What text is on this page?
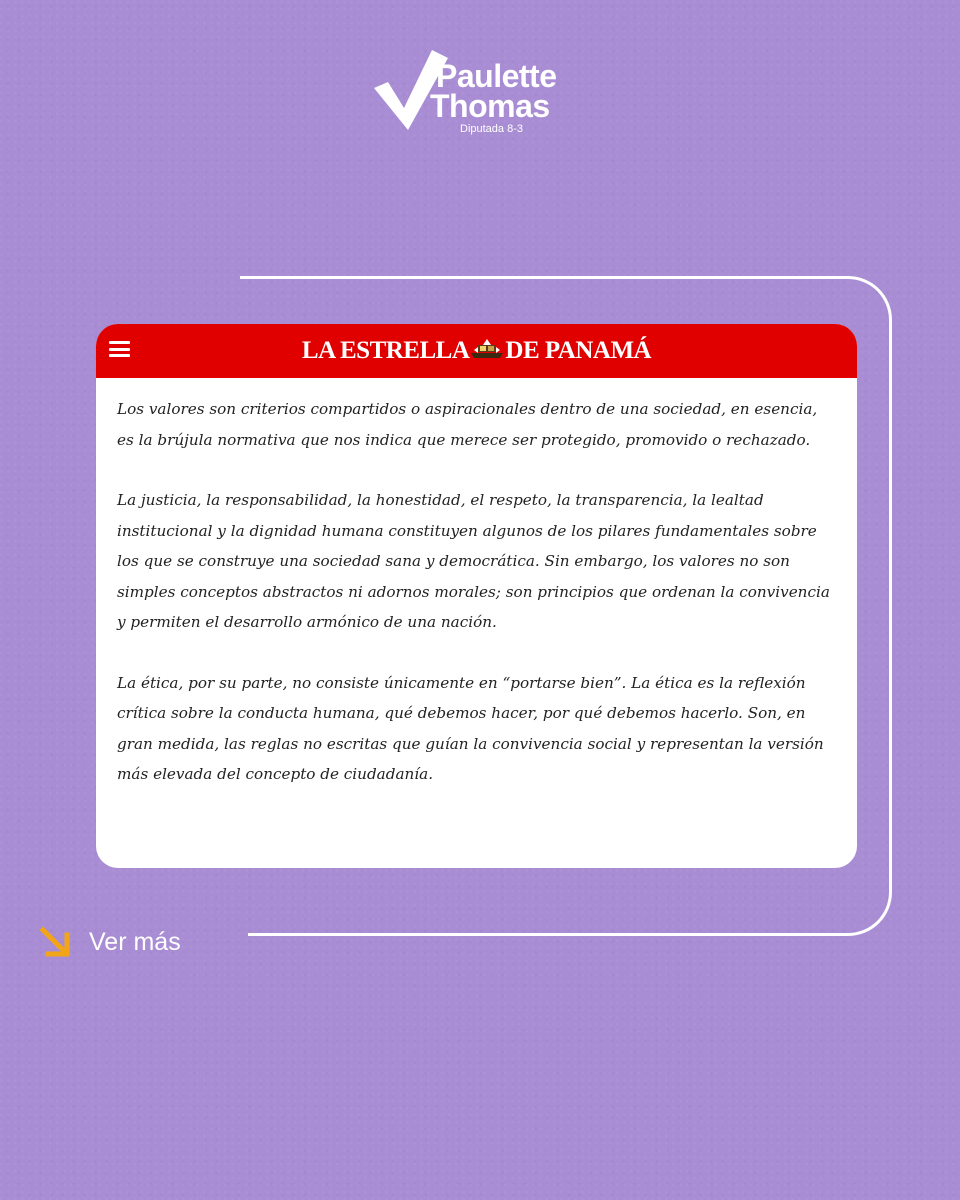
Paulette
Thomas
Diputada 8-3
LA ESTRELLA DE PANAMÁ

Los valores son criterios compartidos o aspiracionales dentro de una sociedad, en esencia, es la brújula normativa que nos indica que merece ser protegido, promovido o rechazado.

La justicia, la responsabilidad, la honestidad, el respeto, la transparencia, la lealtad institucional y la dignidad humana constituyen algunos de los pilares fundamentales sobre los que se construye una sociedad sana y democrática. Sin embargo, los valores no son simples conceptos abstractos ni adornos morales; son principios que ordenan la convivencia y permiten el desarrollo armónico de una nación.

La ética, por su parte, no consiste únicamente en “portarse bien”. La ética es la reflexión crítica sobre la conducta humana, qué debemos hacer, por qué debemos hacerlo. Son, en gran medida, las reglas no escritas que guían la convivencia social y representan la versión más elevada del concepto de ciudadanía.

Ver más
